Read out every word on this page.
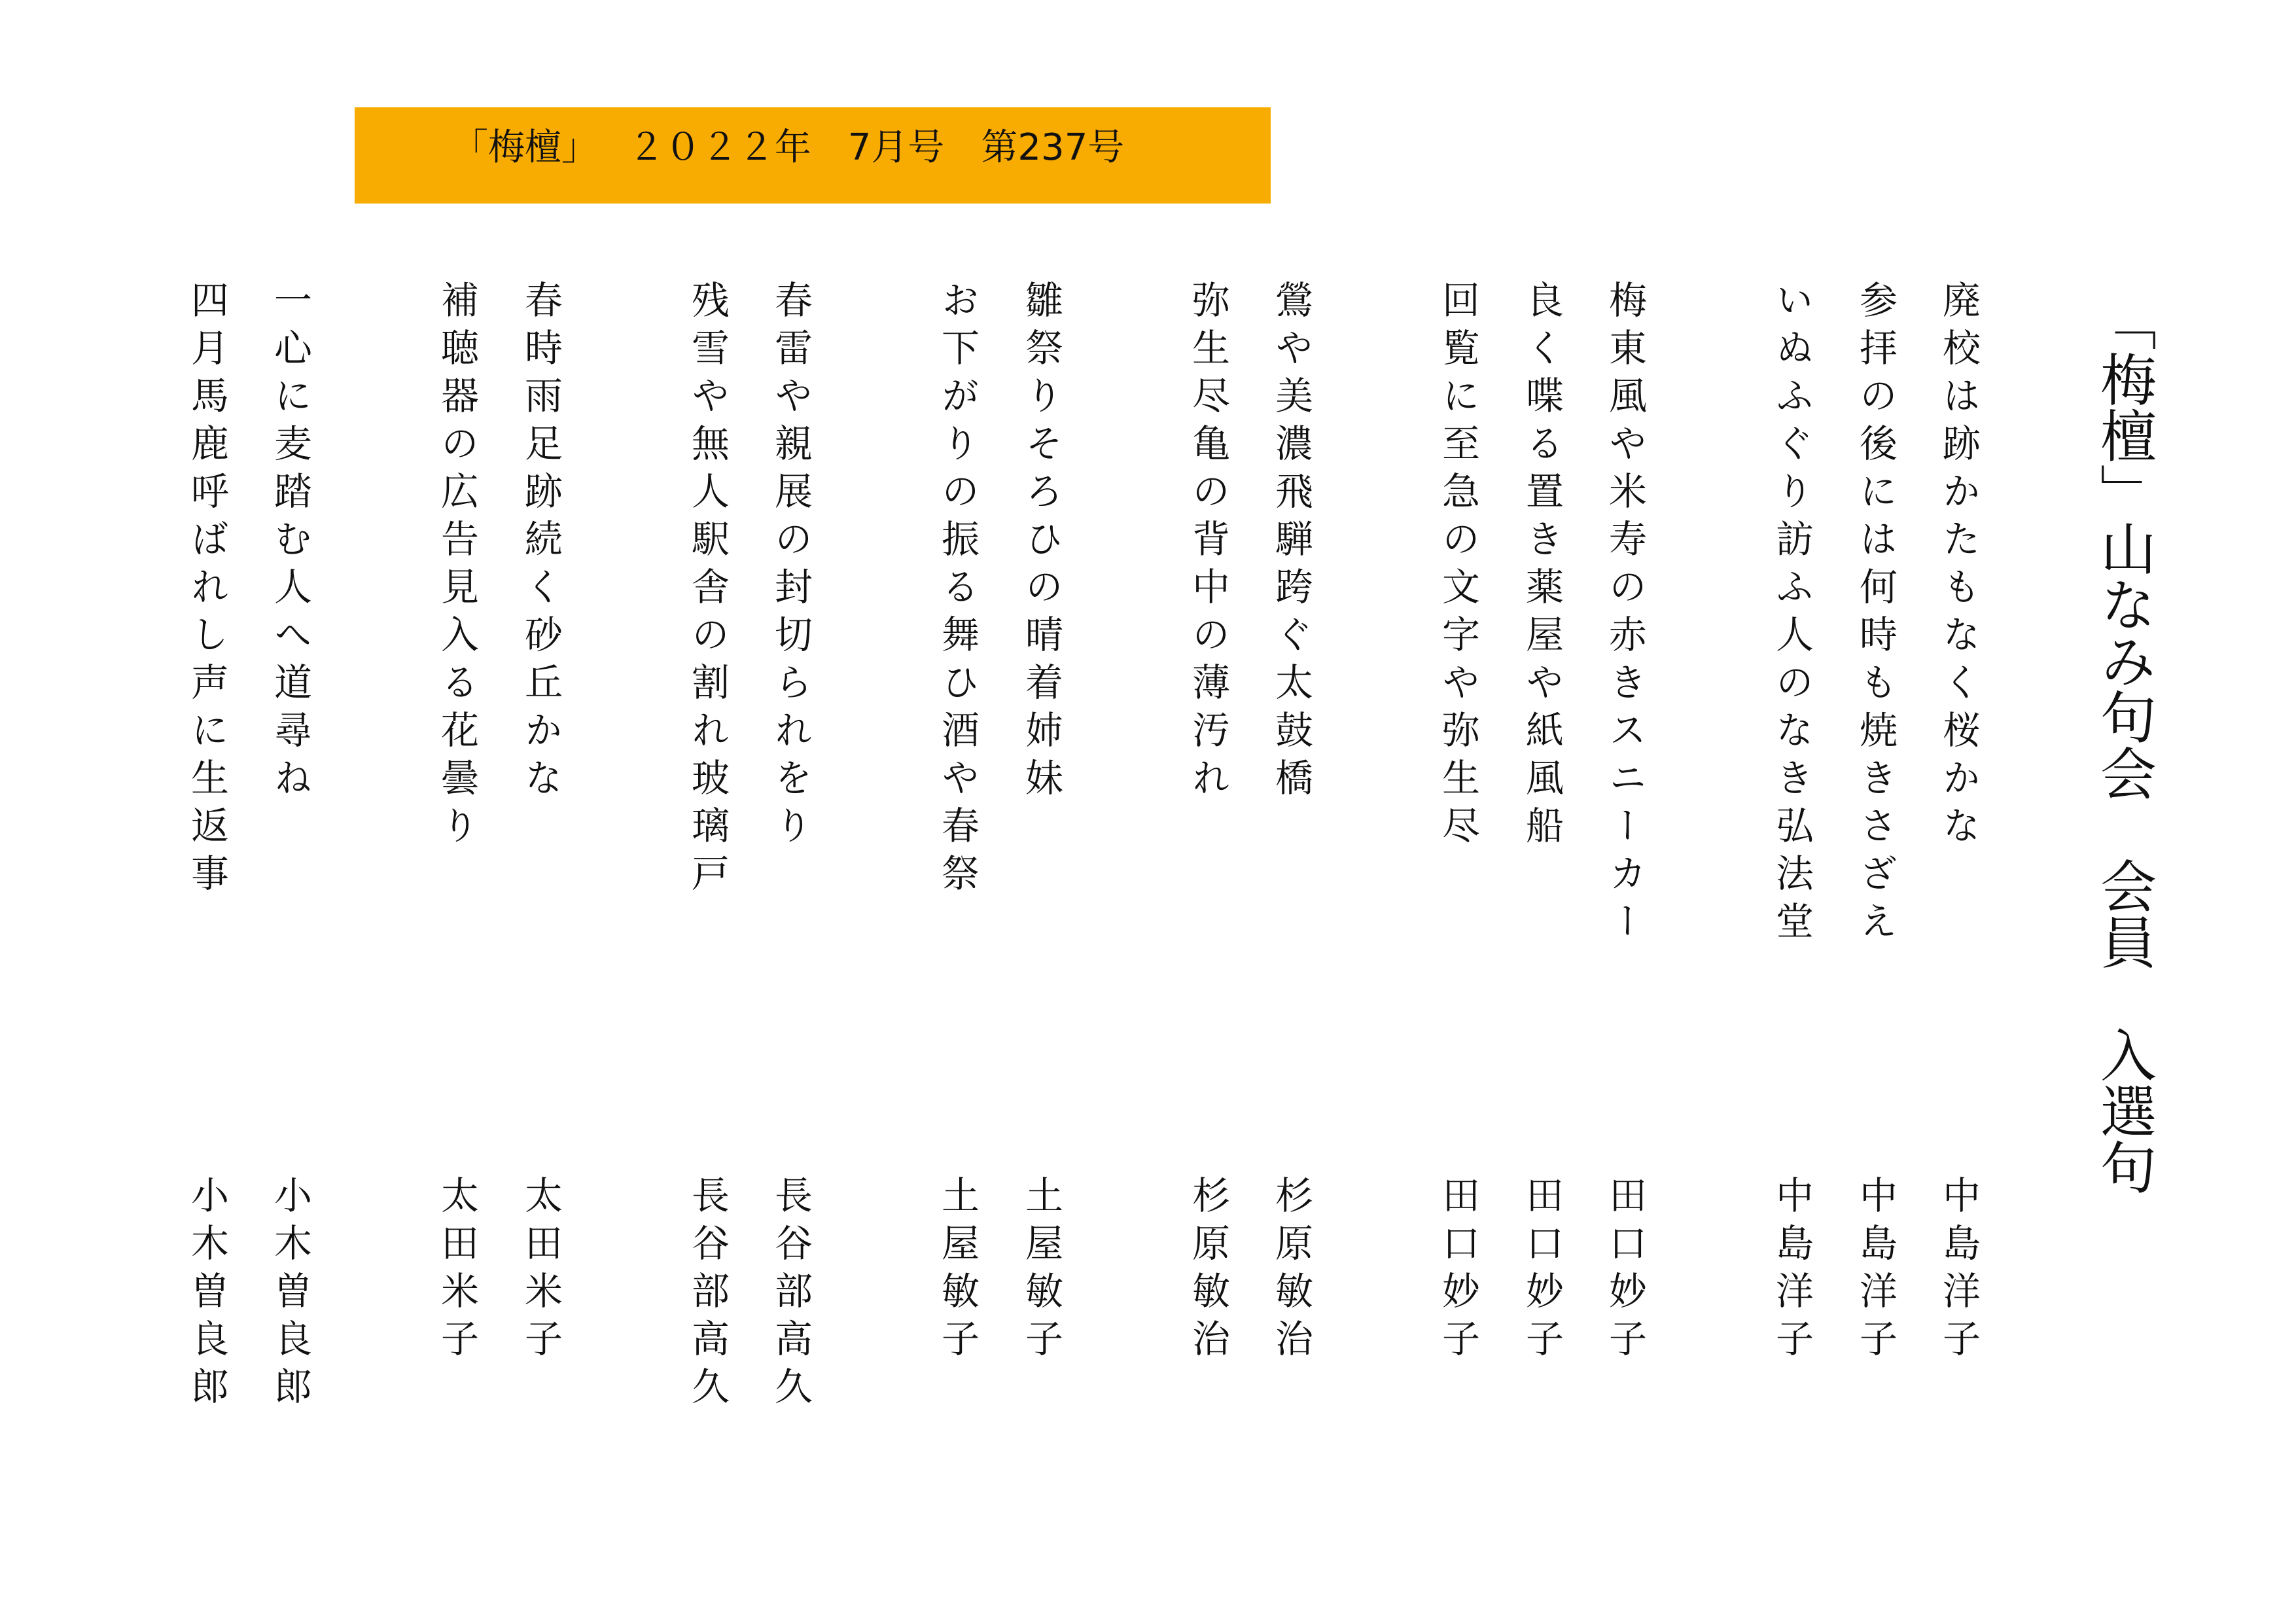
「梅檀」　 ２０２２年　7月号　第237号
「梅檀」山なみ句会　会員　入選句
廃校は跡かたもなく桜かな
中島洋子
参拝の後には何時も焼きさざえ
中島洋子
いぬふぐり訪ふ人のなき弘法堂
中島洋子
梅東風や米寿の赤きスニーカー
田口妙子
良く喋る置き薬屋や紙風船
田口妙子
回覧に至急の文字や弥生尽
田口妙子
鶯や美濃飛騨跨ぐ太鼓橋
杉原敏治
弥生尽亀の背中の薄汚れ
杉原敏治
雛祭りそろひの晴着姉妹
土屋敏子
お下がりの振る舞ひ酒や春祭
土屋敏子
春雷や親展の封切られをり
長谷部高久
残雪や無人駅舎の割れ玻璃戸
長谷部高久
春時雨足跡続く砂丘かな
太田米子
補聴器の広告見入る花曇り
太田米子
一心に麦踏む人へ道尋ね
小木曽良郎
四月馬鹿呼ばれし声に生返事
小木曽良郎
